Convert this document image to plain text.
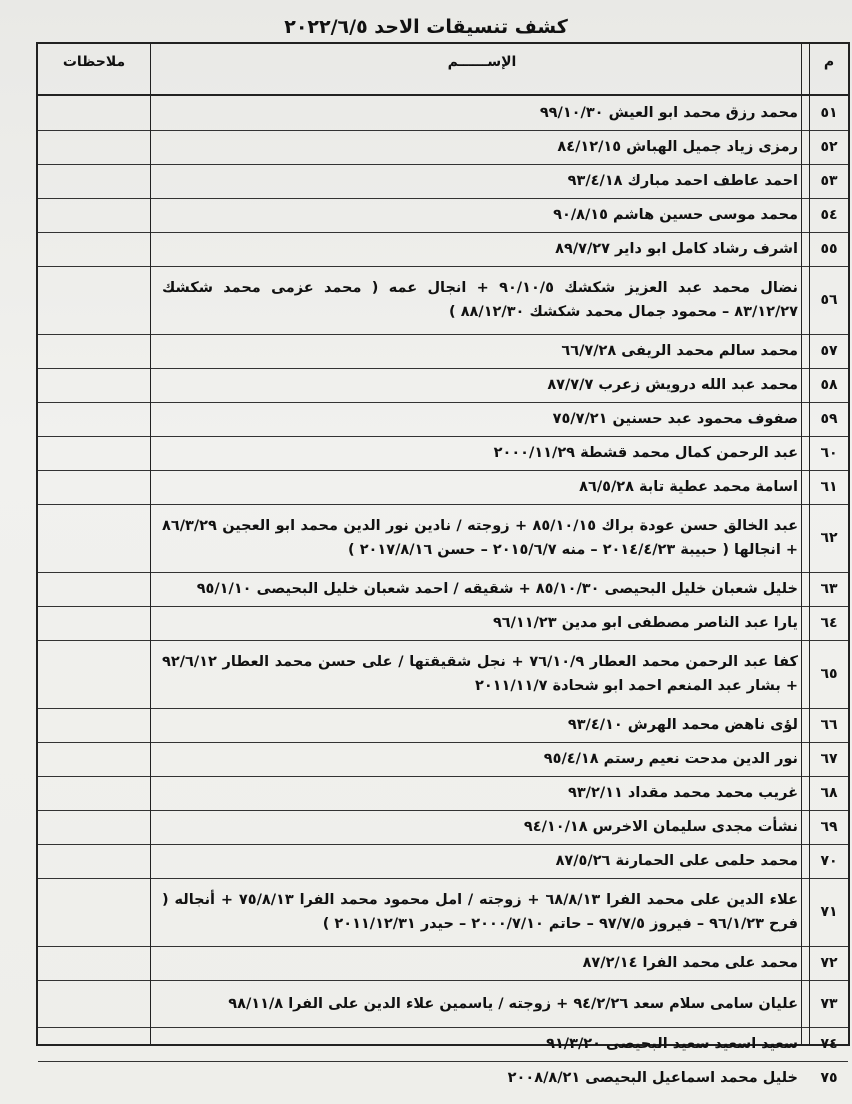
كشف تنسيقات الاحد ٢٠٢٢/٦/٥
م
الإســــــم
ملاحظات
٥١
محمد رزق محمد ابو العيش ٩٩/١٠/٣٠
٥٢
رمزى زياد جميل الهباش ٨٤/١٢/١٥
٥٣
احمد عاطف احمد مبارك ٩٣/٤/١٨
٥٤
محمد موسى حسين هاشم ٩٠/٨/١٥
٥٥
اشرف رشاد كامل ابو داير ٨٩/٧/٢٧
٥٦
نضال محمد عبد العزيز شكشك ٩٠/١٠/٥ + انجال عمه ( محمد عزمى محمد شكشك ٨٣/١٢/٢٧ – محمود جمال محمد شكشك ٨٨/١٢/٣٠ )
٥٧
محمد سالم محمد الريفى ٦٦/٧/٢٨
٥٨
محمد عبد الله درويش زعرب ٨٧/٧/٧
٥٩
صفوف محمود عبد حسنين ٧٥/٧/٢١
٦٠
عبد الرحمن كمال محمد قشطة ٢٠٠٠/١١/٢٩
٦١
اسامة محمد عطية تابة ٨٦/٥/٢٨
٦٢
عبد الخالق حسن عودة براك ٨٥/١٠/١٥ + زوجته / نادين نور الدين محمد ابو العجين ٨٦/٣/٢٩ + انجالها ( حبيبة ٢٠١٤/٤/٢٣ – منه ٢٠١٥/٦/٧ – حسن ٢٠١٧/٨/١٦ )
٦٣
خليل شعبان خليل البحيصى ٨٥/١٠/٣٠ + شقيقه / احمد شعبان خليل البحيصى ٩٥/١/١٠
٦٤
يارا عبد الناصر مصطفى ابو مدين ٩٦/١١/٢٣
٦٥
كفا عبد الرحمن محمد العطار ٧٦/١٠/٩ + نجل شقيقتها / على حسن محمد العطار ٩٢/٦/١٢ + بشار عبد المنعم احمد ابو شحادة ٢٠١١/١١/٧
٦٦
لؤى ناهض محمد الهرش ٩٣/٤/١٠
٦٧
نور الدين مدحت نعيم رستم ٩٥/٤/١٨
٦٨
غريب محمد محمد مقداد ٩٣/٢/١١
٦٩
نشأت مجدى سليمان الاخرس ٩٤/١٠/١٨
٧٠
محمد حلمى على الحمارنة ٨٧/٥/٢٦
٧١
علاء الدين على محمد الفرا ٦٨/٨/١٣ + زوجته / امل محمود محمد الفرا ٧٥/٨/١٣ + أنجاله ( فرح ٩٦/١/٢٣ – فيروز ٩٧/٧/٥ – حاتم ٢٠٠٠/٧/١٠ – حيدر ٢٠١١/١٢/٣١ )
٧٢
محمد على محمد الفرا ٨٧/٢/١٤
٧٣
عليان سامى سلام سعد ٩٤/٢/٢٦ + زوجته / ياسمين علاء الدين على الفرا ٩٨/١١/٨
٧٤
سعيد اسعيد سعيد البحيصى ٩١/٣/٢٠
٧٥
خليل محمد اسماعيل البحيصى ٢٠٠٨/٨/٢١
